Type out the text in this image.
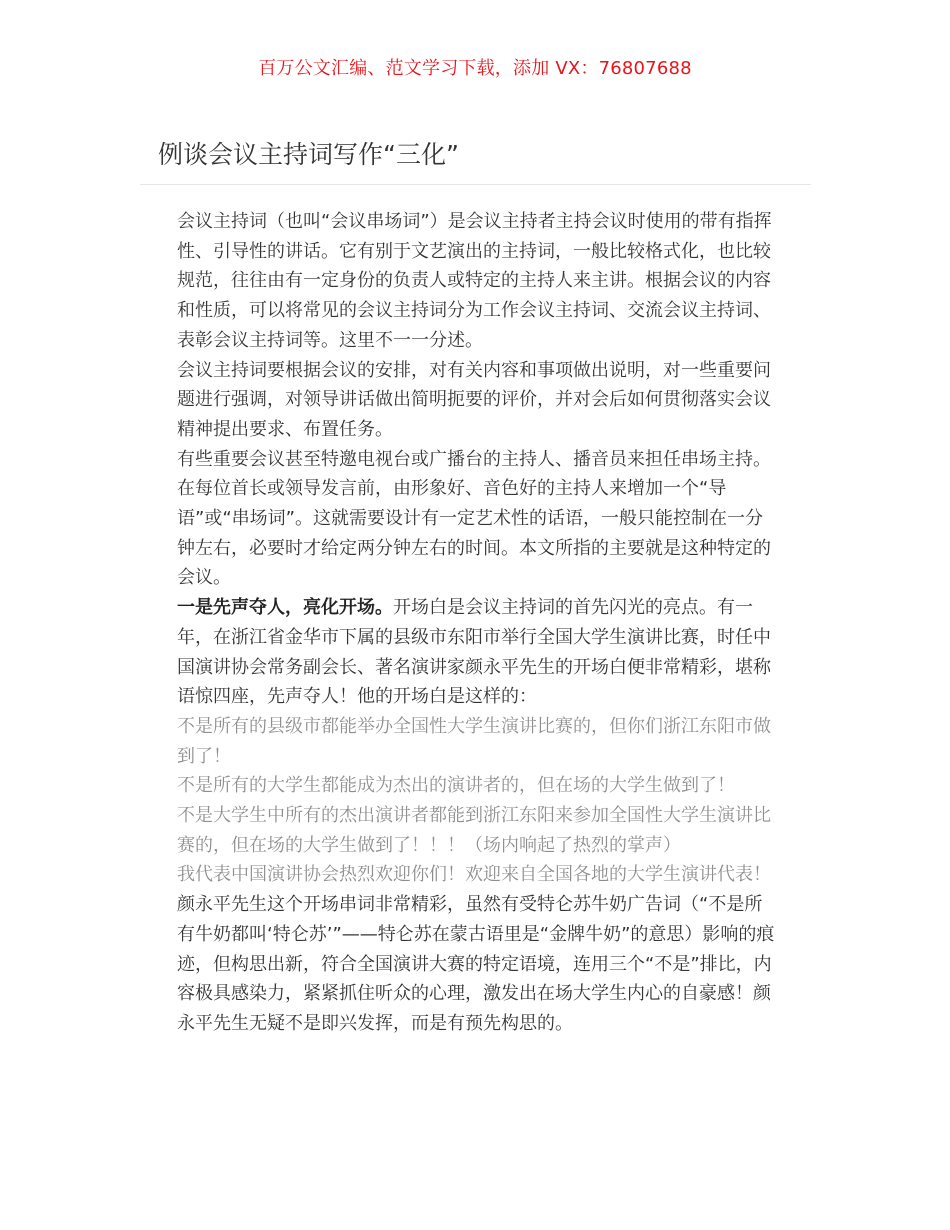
百万公文汇编、范文学习下载，添加 VX：76807688
例谈会议主持词写作“三化”

会议主持词（也叫“会议串场词”）是会议主持者主持会议时使用的带有指挥性、引导性的讲话。它有别于文艺演出的主持词，一般比较格式化，也比较规范，往往由有一定身份的负责人或特定的主持人来主讲。根据会议的内容和性质，可以将常见的会议主持词分为工作会议主持词、交流会议主持词、表彰会议主持词等。这里不一一分述。

会议主持词要根据会议的安排，对有关内容和事项做出说明，对一些重要问题进行强调，对领导讲话做出简明扼要的评价，并对会后如何贯彻落实会议精神提出要求、布置任务。

有些重要会议甚至特邀电视台或广播台的主持人、播音员来担任串场主持。在每位首长或领导发言前，由形象好、音色好的主持人来增加一个“导语”或“串场词”。这就需要设计有一定艺术性的话语，一般只能控制在一分钟左右，必要时才给定两分钟左右的时间。本文所指的主要就是这种特定的会议。

一是先声夺人，亮化开场。开场白是会议主持词的首先闪光的亮点。有一年，在浙江省金华市下属的县级市东阳市举行全国大学生演讲比赛，时任中国演讲协会常务副会长、著名演讲家颜永平先生的开场白便非常精彩，堪称语惊四座，先声夺人！他的开场白是这样的：

不是所有的县级市都能举办全国性大学生演讲比赛的，但你们浙江东阳市做到了！

不是所有的大学生都能成为杰出的演讲者的，但在场的大学生做到了！

不是大学生中所有的杰出演讲者都能到浙江东阳来参加全国性大学生演讲比赛的，但在场的大学生做到了！！！（场内响起了热烈的掌声）

我代表中国演讲协会热烈欢迎你们！欢迎来自全国各地的大学生演讲代表！

颜永平先生这个开场串词非常精彩，虽然有受特仑苏牛奶广告词（“不是所有牛奶都叫‘特仑苏’”——特仑苏在蒙古语里是“金牌牛奶”的意思）影响的痕迹，但构思出新，符合全国演讲大赛的特定语境，连用三个“不是”排比，内容极具感染力，紧紧抓住听众的心理，激发出在场大学生内心的自豪感！颜永平先生无疑不是即兴发挥，而是有预先构思的。
